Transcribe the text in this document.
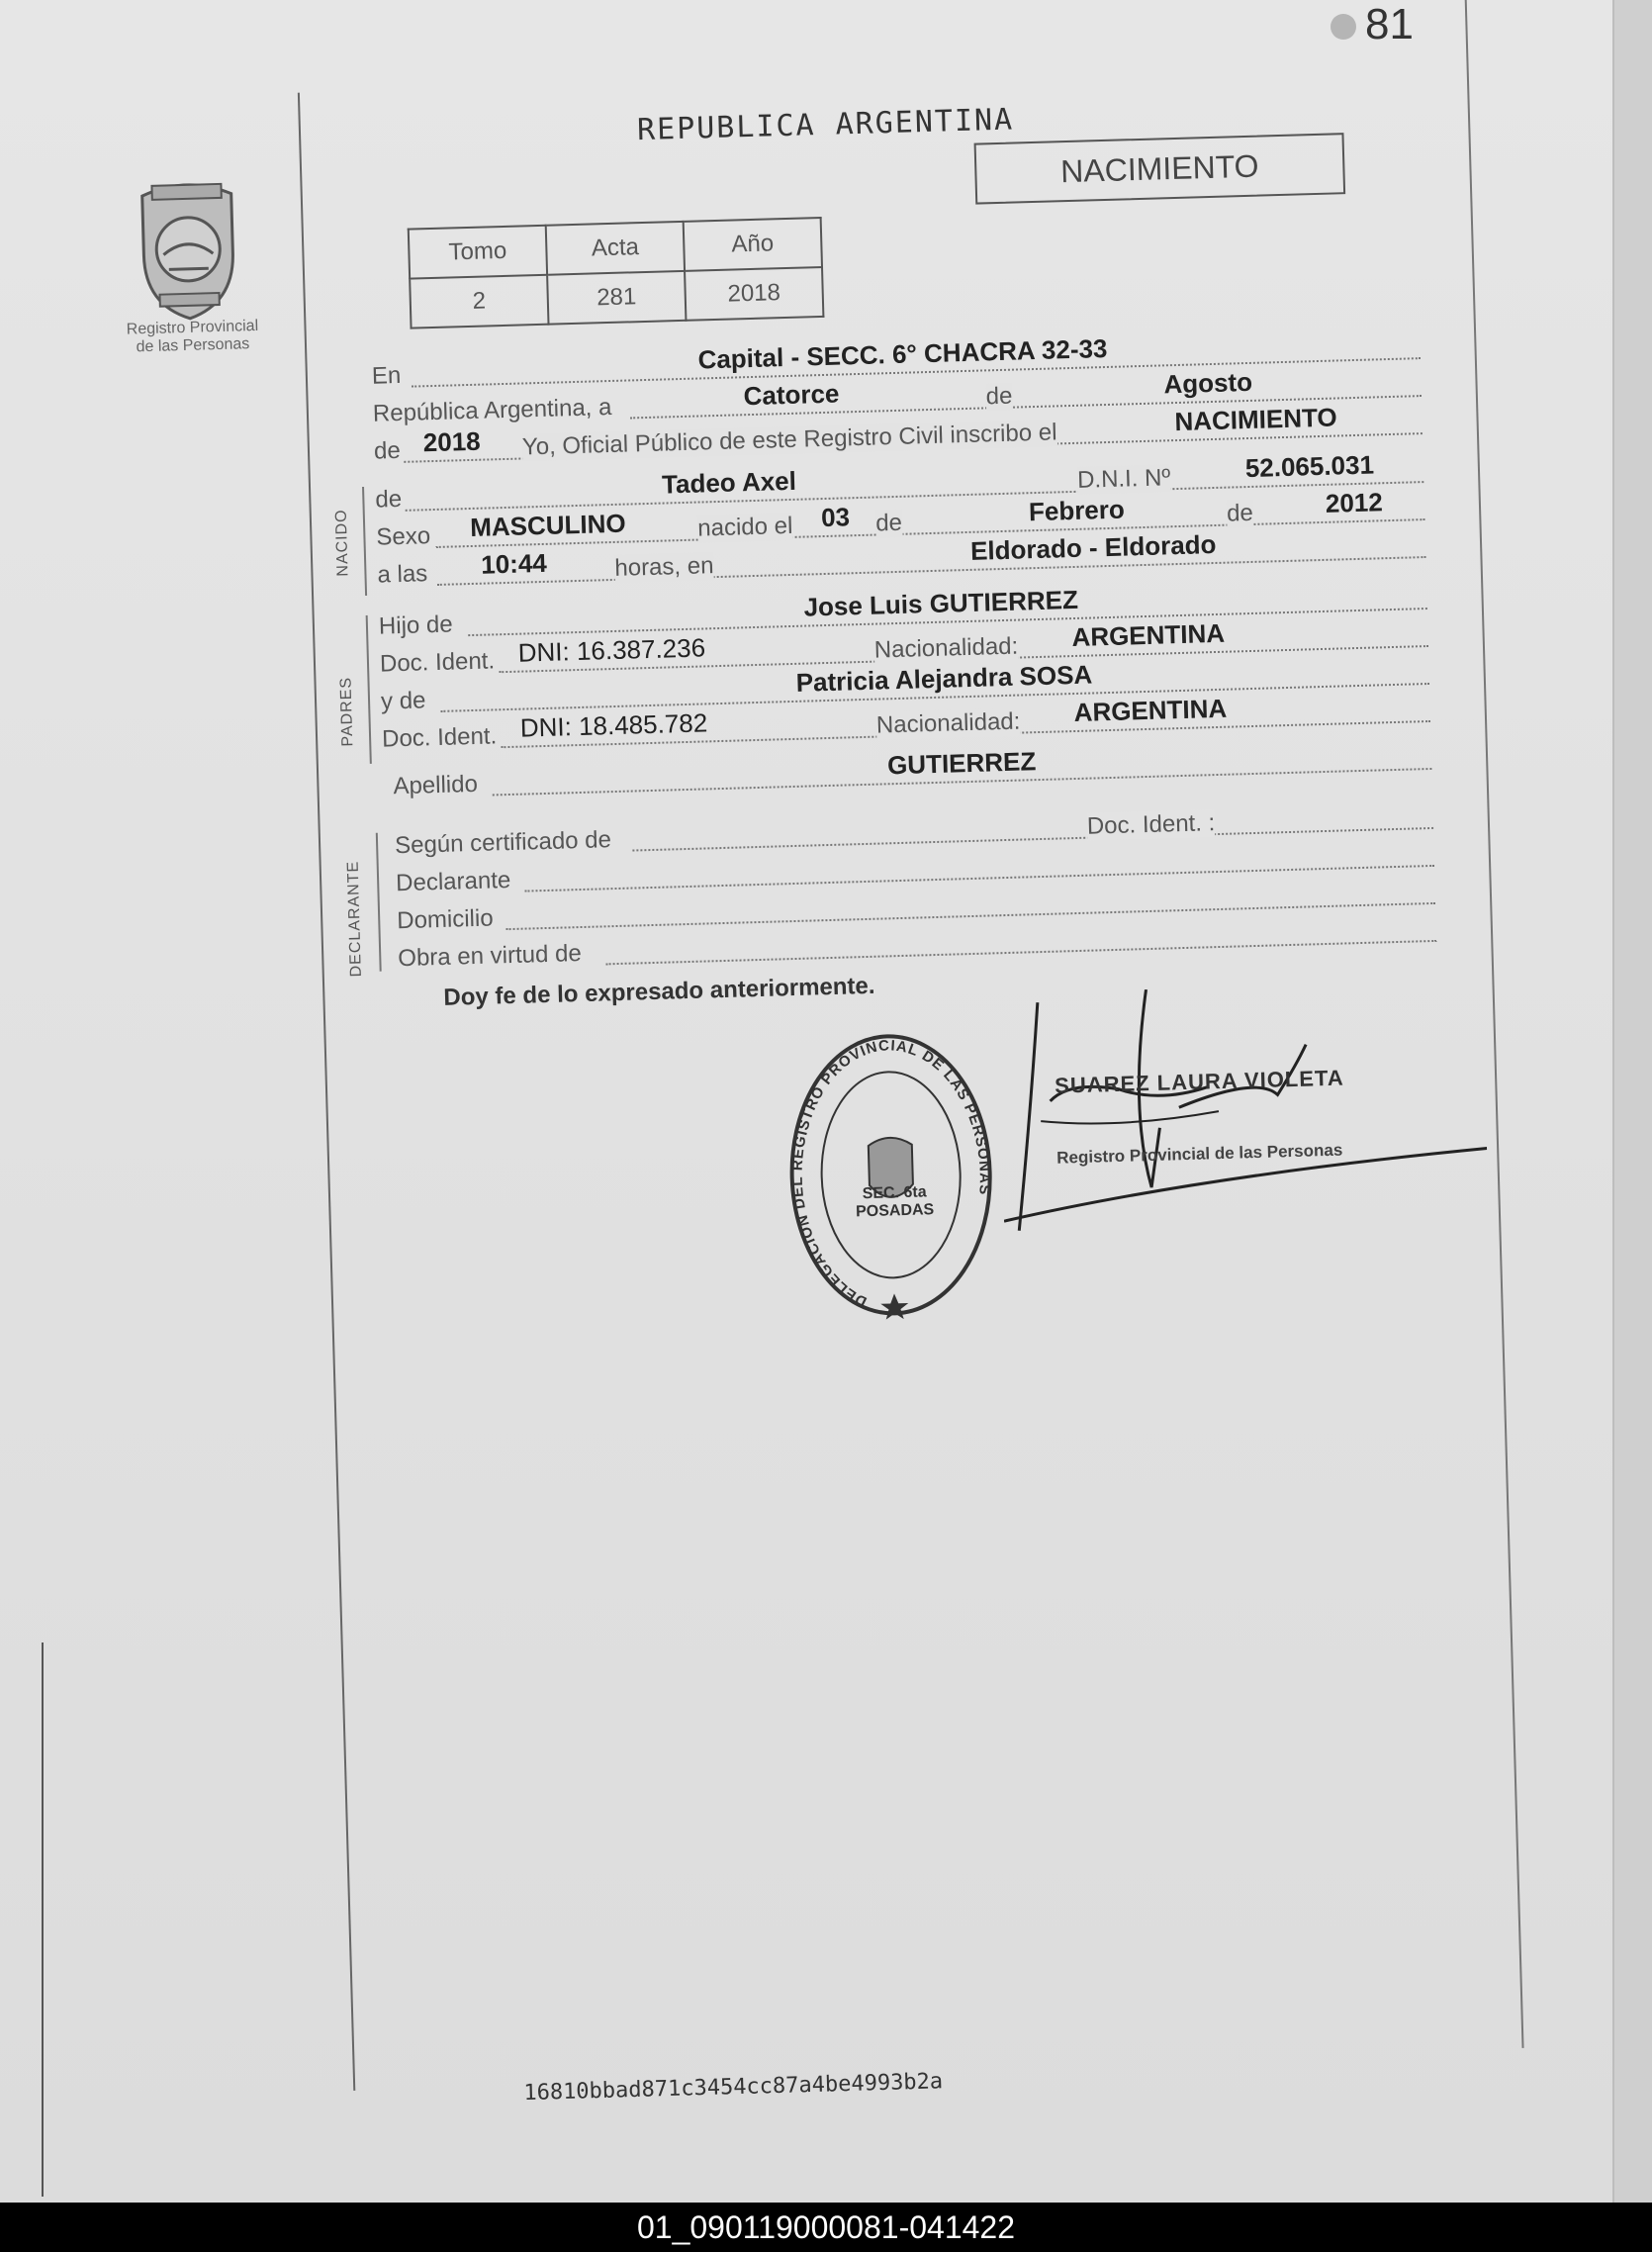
81
Registro Provincial
de las Personas
REPUBLICA ARGENTINA
NACIMIENTO
Tomo	Acta	Año
2	281	2018
En
Capital - SECC. 6° CHACRA 32-33
República Argentina, a	Catorce	de	Agosto
de 2018 Yo, Oficial Público de este Registro Civil inscribo el	NACIMIENTO
NACIDO
de
Tadeo Axel	D.N.I. Nº	52.065.031
Sexo MASCULINO	nacido el 03 de	Febrero	de	2012
a las 10:44	horas, en
Eldorado - Eldorado
PADRES
Hijo de
Jose Luis GUTIERREZ
Doc. Ident. DNI: 16.387.236	Nacionalidad: ARGENTINA
y de
Patricia Alejandra SOSA
Doc. Ident. DNI: 18.485.782	Nacionalidad: ARGENTINA
Apellido
GUTIERREZ
DECLARANTE
Según certificado de
Doc. Ident. :
Declarante
Domicilio
Obra en virtud de
Doy fe de lo expresado anteriormente.
DELEGACION DEL REGISTRO PROVINCIAL DE LAS PERSONAS
SEC. 6ta POSADAS
SUAREZ LAURA VIOLETA
Registro Provincial de las Personas
16810bbad871c3454cc87a4be4993b2a
01_090119000081-041422
